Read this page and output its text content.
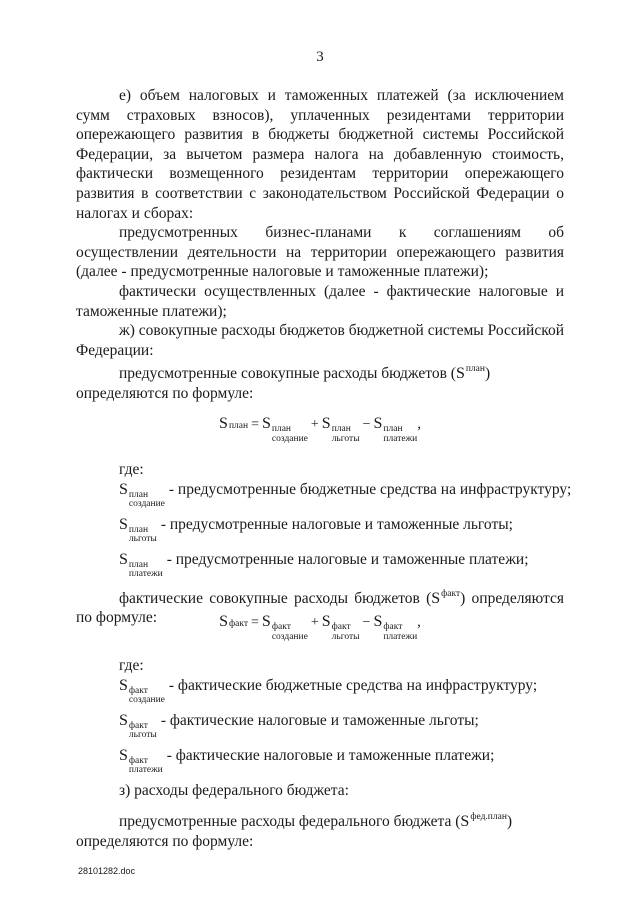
3

е) объем налоговых и таможенных платежей (за исключением сумм страховых взносов), уплаченных резидентами территории опережающего развития в бюджеты бюджетной системы Российской Федерации, за вычетом размера налога на добавленную стоимость, фактически возмещенного резидентам территории опережающего развития в соответствии с законодательством Российской Федерации о налогах и сборах:

предусмотренных бизнес-планами к соглашениям об осуществлении деятельности на территории опережающего развития (далее - предусмотренные налоговые и таможенные платежи);

фактически осуществленных (далее - фактические налоговые и таможенные платежи);

ж) совокупные расходы бюджетов бюджетной системы Российской Федерации:

предусмотренные совокупные расходы бюджетов $(S^{план})$

определяются по формуле:

S план = S план
создание
+ S план
льготы
− S план
платежи
,

где:

S план
создание
- предусмотренные бюджетные средства на инфраструктуру;
S план
льготы
- предусмотренные налоговые и таможенные льготы;
S план
платежи
- предусмотренные налоговые и таможенные платежи;

фактические совокупные расходы бюджетов $(S^{факт})$ определяются по формуле:	S факт = S факт
создание
+ S факт
льготы
− S факт
платежи
,

где:

S факт
создание
- фактические бюджетные средства на инфраструктуру;
S факт
льготы
- фактические налоговые и таможенные льготы;
S факт
платежи
- фактические налоговые и таможенные платежи;

з) расходы федерального бюджета:

предусмотренные расходы федерального бюджета $(S^{фед.план})$

определяются по формуле:

28101282.doc
